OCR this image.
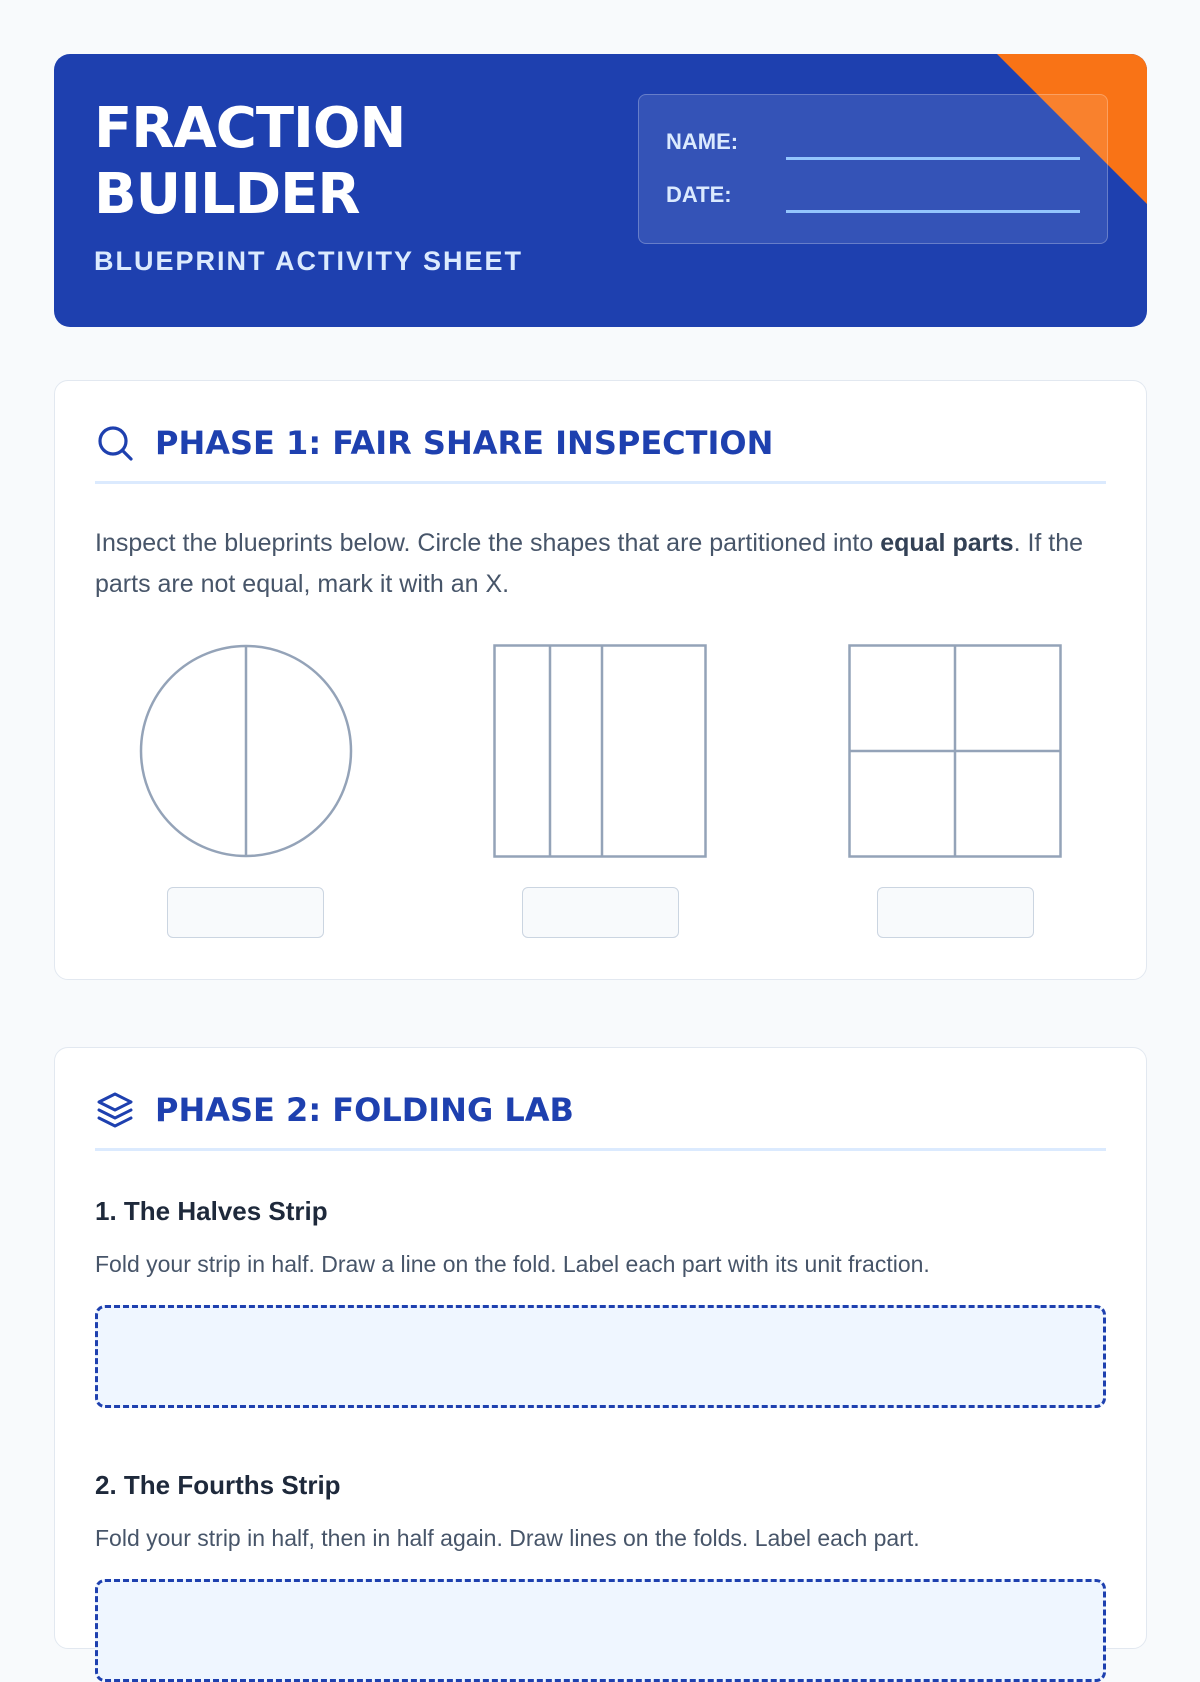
FRACTION
BUILDER
BLUEPRINT ACTIVITY SHEET
NAME:
DATE:
PHASE 1: FAIR SHARE INSPECTION

Inspect the blueprints below. Circle the shapes that are partitioned into equal parts. If the parts are not equal, mark it with an X.

PHASE 2: FOLDING LAB
1. The Halves Strip

Fold your strip in half. Draw a line on the fold. Label each part with its unit fraction.

2. The Fourths Strip

Fold your strip in half, then in half again. Draw lines on the folds. Label each part.
